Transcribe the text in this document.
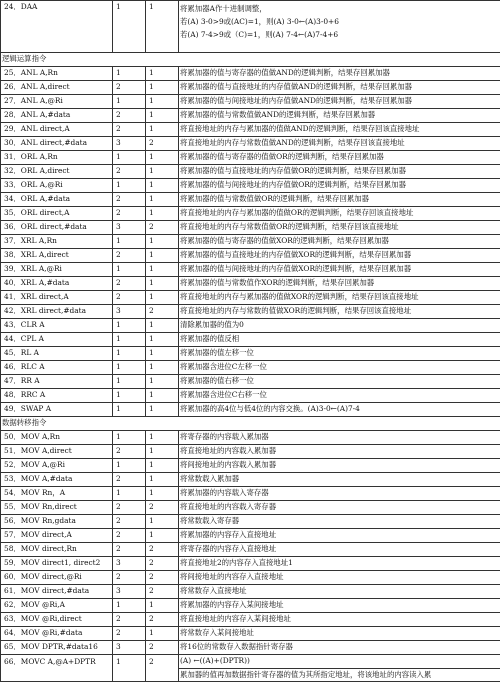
24．DAA	1	1	将累加器A作十进制调整，
若(A) 3-0>9或(AC)=1，则(A) 3-0←(A)3-0+6
若(A) 7-4>9或（C)=1，则(A) 7-4←(A)7-4+6

逻辑运算指令			
25．ANL A,Rn	1	1	将累加器的值与寄存器的值做AND的逻辑判断，结果存回累加器
26．ANL A,direct	2	1	将累加器的值与直接地址的内存值做AND的逻辑判断，结果存回累加器
27．ANL A,@Ri	1	1	将累加器的值与间接地址的内存值做AND的逻辑判断，结果存回累加器
28．ANL A,#data	2	1	将累加器的值与常数值做AND的逻辑判断，结果存回累加器
29．ANL direct,A	2	1	将直接地址的内存与累加器的值做AND的逻辑判断，结果存回该直接地址
30．ANL direct,#data	3	2	将直接地址的内存与常数值做AND的逻辑判断，结果存回该直接地址
31．ORL A,Rn	1	1	将累加器的值与寄存器的值做OR的逻辑判断，结果存回累加器
32．ORL A,direct	2	1	将累加器的值与直接地址的内存值做OR的逻辑判断，结果存回累加器
33．ORL A,@Ri	1	1	将累加器的值与间接地址的内存值做OR的逻辑判断，结果存回累加器
34．ORL A,#data	2	1	将累加器的值与常数值做OR的逻辑判断，结果存回累加器
35．ORL direct,A	2	1	将直接地址的内存与累加器的值做OR的逻辑判断，结果存回该直接地址
36．ORL direct,#data	3	2	将直接地址的内存与常数值做OR的逻辑判断，结果存回该直接地址
37．XRL A,Rn	1	1	将累加器的值与寄存器的值做XOR的逻辑判断，结果存回累加器
38．XRL A,direct	2	1	将累加器的值与直接地址的内存值做XOR的逻辑判断，结果存回累加器
39．XRL A,@Ri	1	1	将累加器的值与间接地址的内存值做XOR的逻辑判断，结果存回累加器
40．XRL A,#data	2	1	将累加器的值与常数值作XOR的逻辑判断，结果存回累加器
41．XRL direct,A	2	1	将直接地址的内存与累加器的值做XOR的逻辑判断，结果存回该直接地址
42．XRL direct,#data	3	2	将直接地址的内存与常数的值做XOR的逻辑判断，结果存回该直接地址
43．CLR A	1	1	清除累加器的值为0
44．CPL A	1	1	将累加器的值反相
45．RL A	1	1	将累加器的值左移一位
46．RLC A	1	1	将累加器含进位C左移一位
47．RR A	1	1	将累加器的值右移一位
48．RRC A	1	1	将累加器含进位C右移一位
49．SWAP A	1	1	将累加器的高4位与低4位的内容交换。(A)3-0←(A)7-4
数据转移指令			
50．MOV A,Rn	1	1	将寄存器的内容载入累加器
51．MOV A,direct	2	1	将直接地址的内容载入累加器
52．MOV A,@Ri	1	1	将间接地址的内容载入累加器
53．MOV A,#data	2	1	将常数载入累加器
54．MOV Rn，A	1	1	将累加器的内容载入寄存器
55．MOV Rn,direct	2	2	将直接地址的内容载入寄存器
56．MOV Rn,gdata	2	1	将常数载入寄存器
57．MOV direct,A	2	1	将累加器的内容存入直接地址
58．MOV direct,Rn	2	2	将寄存器的内容存入直接地址
59．MOV direct1, direct2	3	2	将直接地址2的内容存入直接地址1
60．MOV direct,@Ri	2	2	将间接地址的内容存入直接地址
61．MOV direct,#data	3	2	将常数存入直接地址
62．MOV @Ri,A	1	1	将累加器的内容存入某间接地址
63．MOV @Ri,direct	2	2	将直接地址的内容存入某间接地址
64．MOV @Ri,#data	2	1	将常数存入某间接地址
65．MOV DPTR,#data16	3	2	将16位的常数存入数据指针寄存器
66．MOVC A,@A+DPTR	1	2	(A) ←((A)+(DPTR))
			累加器的值再加数据指针寄存器的值为其所指定地址，将该地址的内容读入累
